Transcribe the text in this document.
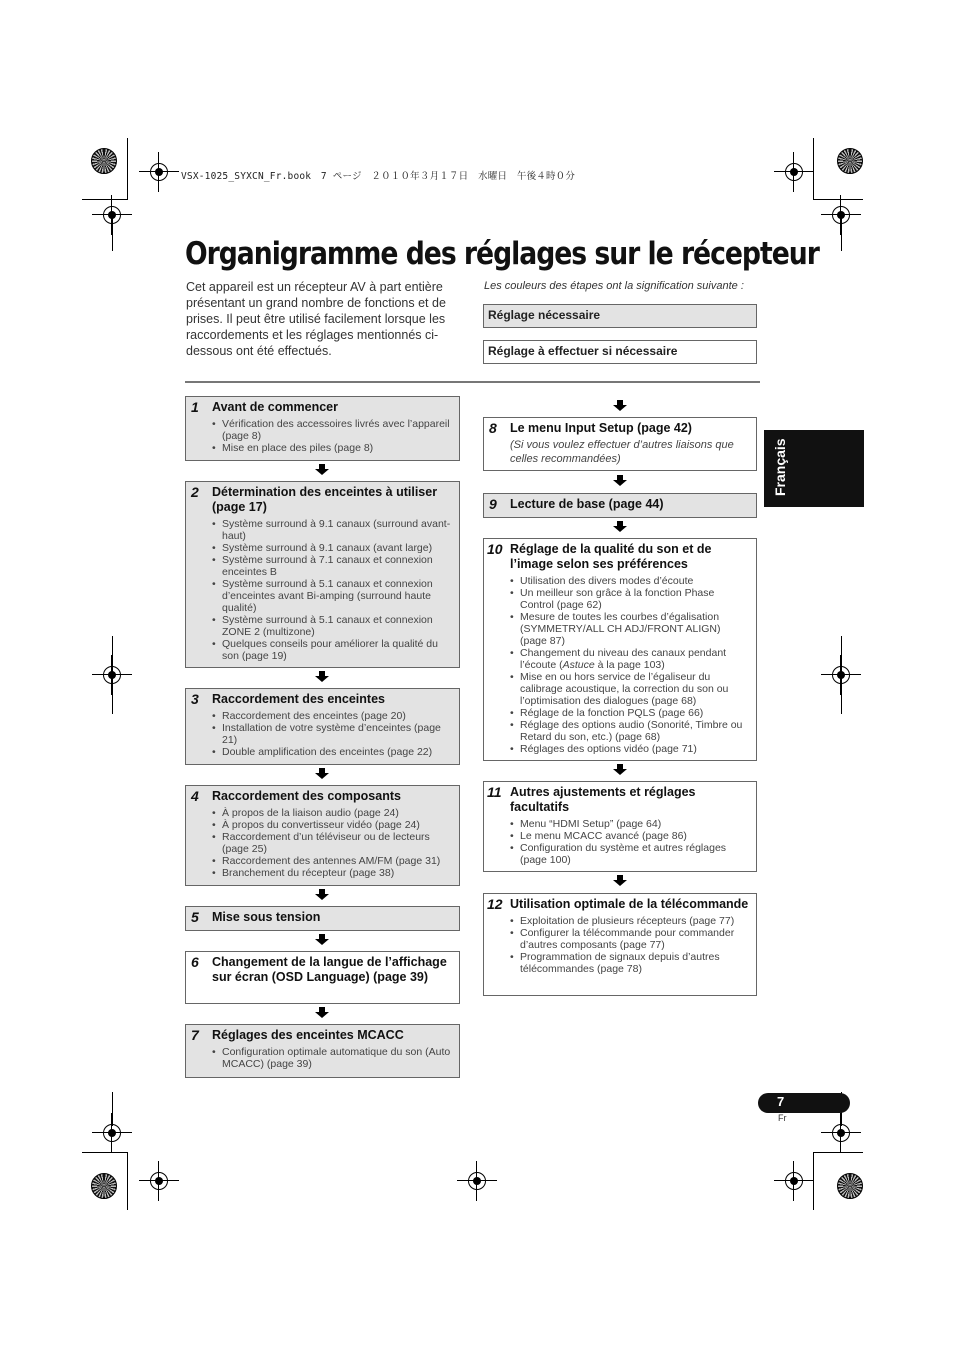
VSX-1025_SYXCN_Fr.book　7 ページ　２０１０年３月１７日　水曜日　午後４時０分
Organigramme des réglages sur le récepteur
Cet appareil est un récepteur AV à part entière présentant un grand nombre de fonctions et de prises. Il peut être utilisé facilement lorsque les raccordements et les réglages mentionnés ci-dessous ont été effectués.
Les couleurs des étapes ont la signification suivante :
Réglage nécessaire
Réglage à effectuer si nécessaire
1 Avant de commencer
• Vérification des accessoires livrés avec l’appareil (page 8)
• Mise en place des piles (page 8)
2 Détermination des enceintes à utiliser (page 17)
• Système surround à 9.1 canaux (surround avant-haut)
• Système surround à 9.1 canaux (avant large)
• Système surround à 7.1 canaux et connexion enceintes B
• Système surround à 5.1 canaux et connexion d’enceintes avant Bi-amping (surround haute qualité)
• Système surround à 5.1 canaux et connexion ZONE 2 (multizone)
• Quelques conseils pour améliorer la qualité du son (page 19)
3 Raccordement des enceintes
• Raccordement des enceintes (page 20)
• Installation de votre système d’enceintes (page 21)
• Double amplification des enceintes (page 22)
4 Raccordement des composants
• À propos de la liaison audio (page 24)
• À propos du convertisseur vidéo (page 24)
• Raccordement d’un téléviseur ou de lecteurs (page 25)
• Raccordement des antennes AM/FM (page 31)
• Branchement du récepteur (page 38)
5 Mise sous tension
6 Changement de la langue de l’affichage sur écran (OSD Language) (page 39)
7 Réglages des enceintes MCACC
• Configuration optimale automatique du son (Auto MCACC) (page 39)
8 Le menu Input Setup (page 42)
(Si vous voulez effectuer d’autres liaisons que celles recommandées)
9 Lecture de base (page 44)
10 Réglage de la qualité du son et de l’image selon ses préférences
• Utilisation des divers modes d’écoute
• Un meilleur son grâce à la fonction Phase Control (page 62)
• Mesure de toutes les courbes d’égalisation (SYMMETRY/ALL CH ADJ/FRONT ALIGN) (page 87)
• Changement du niveau des canaux pendant l’écoute (Astuce à la page 103)
• Mise en ou hors service de l’égaliseur du calibrage acoustique, la correction du son ou l’optimisation des dialogues (page 68)
• Réglage de la fonction PQLS (page 66)
• Réglage des options audio (Sonorité, Timbre ou Retard du son, etc.) (page 68)
• Réglages des options vidéo (page 71)
11 Autres ajustements et réglages facultatifs
• Menu “HDMI Setup” (page 64)
• Le menu MCACC avancé (page 86)
• Configuration du système et autres réglages (page 100)
12 Utilisation optimale de la télécommande
• Exploitation de plusieurs récepteurs (page 77)
• Configurer la télécommande pour commander d’autres composants (page 77)
• Programmation de signaux depuis d’autres télécommandes (page 78)
Français
7
Fr
